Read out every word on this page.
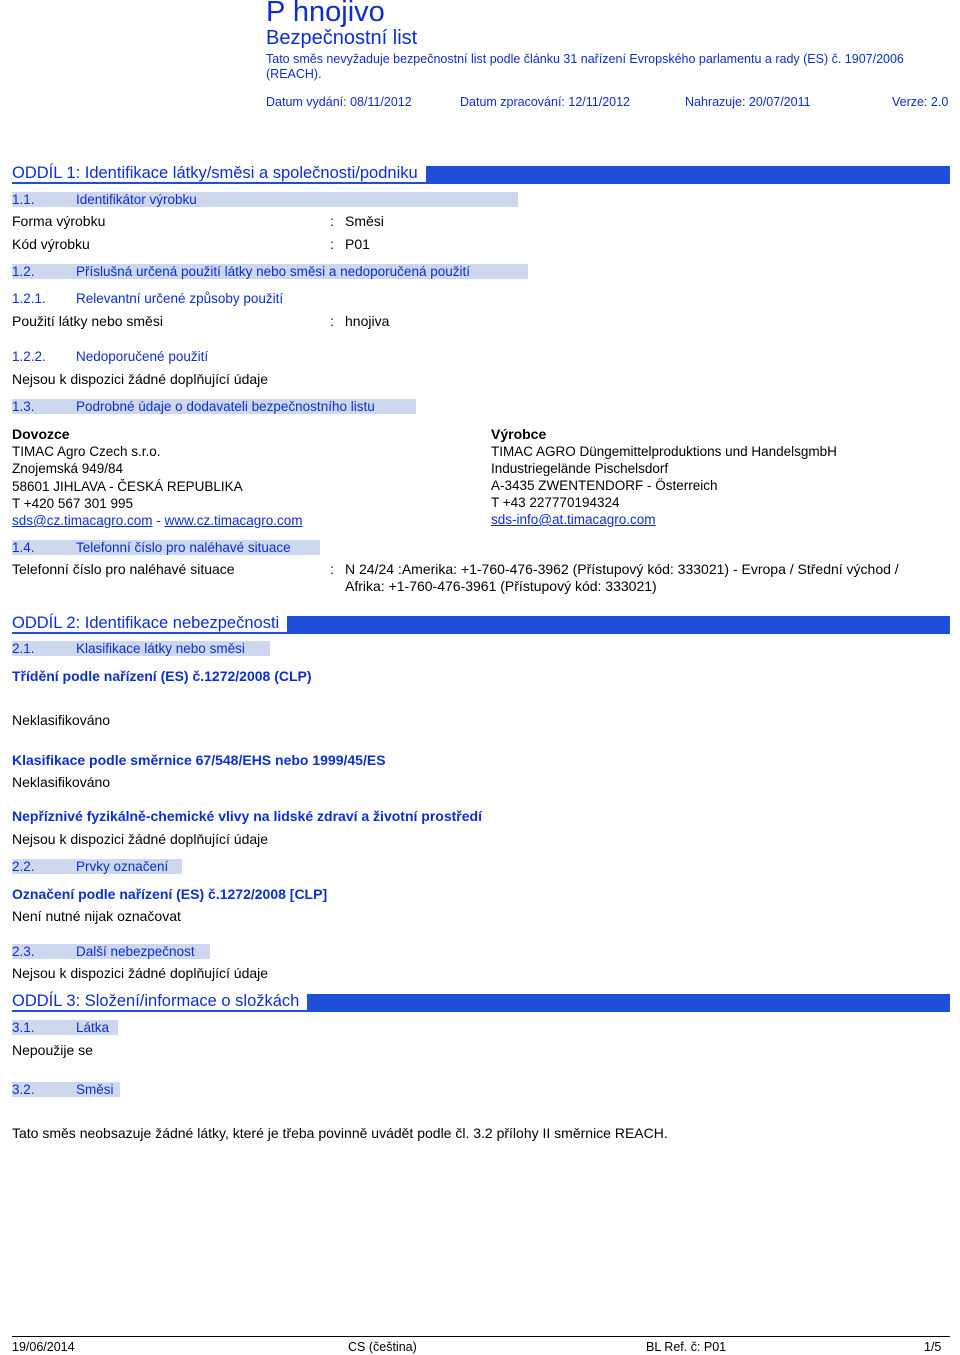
P hnojivo
Bezpečnostní list
Tato směs nevyžaduje bezpečnostní list podle článku 31 nařízení Evropského parlamentu a rady (ES) č. 1907/2006 (REACH).
Datum vydání: 08/11/2012	Datum zpracování: 12/11/2012	Nahrazuje: 20/07/2011	Verze: 2.0
ODDÍL 1: Identifikace látky/směsi a společnosti/podniku
1.1.	Identifikátor výrobku
Forma výrobku	: Směsi
Kód výrobku	: P01
1.2.	Příslušná určená použití látky nebo směsi a nedoporučená použití
1.2.1. Relevantní určené způsoby použití
Použití látky nebo směsi	: hnojiva
1.2.2. Nedoporučené použití
Nejsou k dispozici žádné doplňující údaje
1.3.	Podrobné údaje o dodavateli bezpečnostního listu
Dovozce
TIMAC Agro Czech s.r.o.
Znojemská 949/84
58601 JIHLAVA - ČESKÁ REPUBLIKA
T +420 567 301 995
sds@cz.timacagro.com - www.cz.timacagro.com
Výrobce
TIMAC AGRO Düngemittelproduktions und HandelsgmbH
Industriegelände Pischelsdorf
A-3435 ZWENTENDORF - Österreich
T +43 227770194324
sds-info@at.timacagro.com
1.4.	Telefonní číslo pro naléhavé situace
Telefonní číslo pro naléhavé situace	: N 24/24 :Amerika: +1-760-476-3962 (Přístupový kód: 333021) - Evropa / Střední východ /
Afrika: +1-760-476-3961 (Přístupový kód: 333021)
ODDÍL 2: Identifikace nebezpečnosti
2.1.	Klasifikace látky nebo směsi
Třídění podle nařízení (ES) č.1272/2008 (CLP)
Neklasifikováno
Klasifikace podle směrnice 67/548/EHS nebo 1999/45/ES
Neklasifikováno
Nepříznivé fyzikálně-chemické vlivy na lidské zdraví a životní prostředí
Nejsou k dispozici žádné doplňující údaje
2.2.	Prvky označení
Označení podle nařízení (ES) č.1272/2008 [CLP]
Není nutné nijak označovat
2.3.	Další nebezpečnost
Nejsou k dispozici žádné doplňující údaje
ODDÍL 3: Složení/informace o složkách
3.1.	Látka
Nepoužije se
3.2.	Směsi
Tato směs neobsazuje žádné látky, které je třeba povinně uvádět podle čl. 3.2 přílohy II směrnice REACH.
19/06/2014	CS (čeština)	BL Ref. č: P01	1/5
